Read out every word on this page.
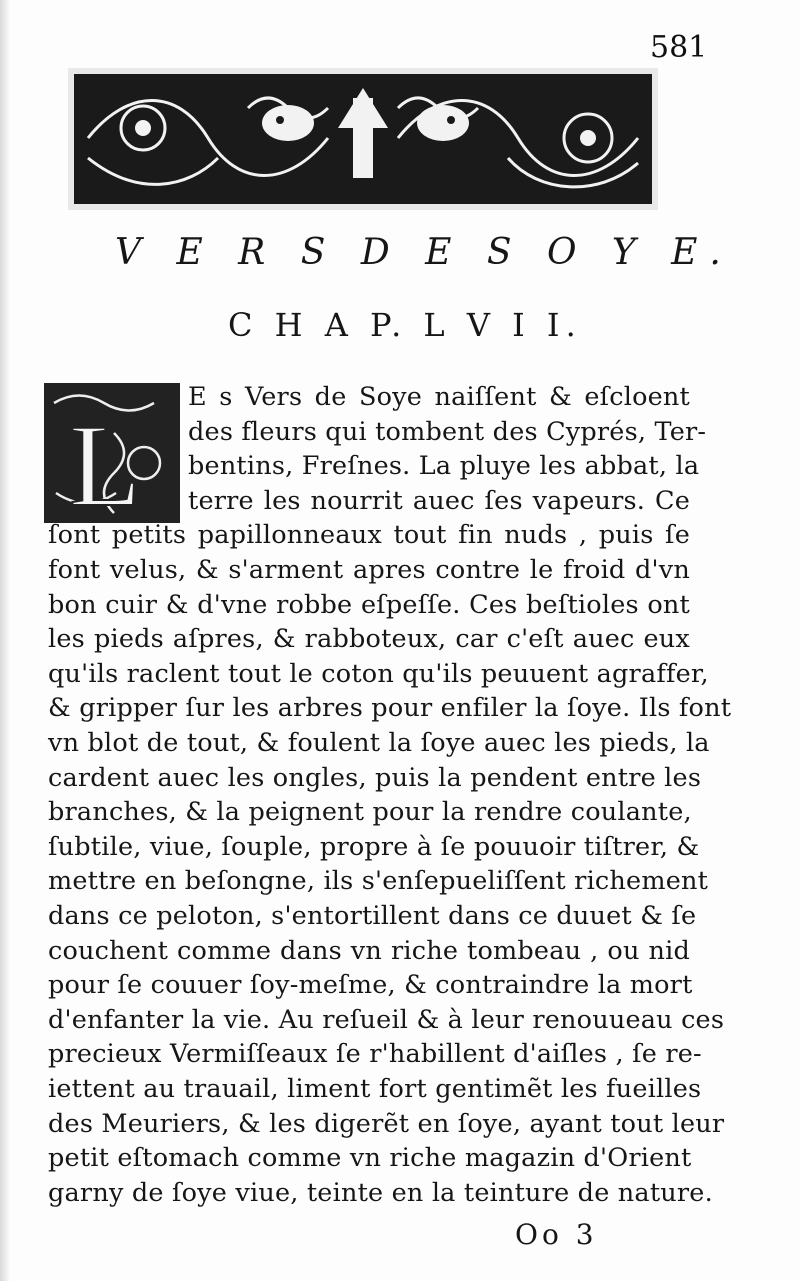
581
V E R S D E S O Y E.
C H A P. L V I I.
L
E s Vers de Soye naiſſent & eſcloent
des fleurs qui tombent des Cyprés, Ter-
bentins, Freſnes. La pluye les abbat, la
terre les nourrit auec ſes vapeurs. Ce
ſont petits papillonneaux tout fin nuds , puis ſe
font velus, & s'arment apres contre le froid d'vn
bon cuir & d'vne robbe eſpeſſe. Ces beſtioles ont
les pieds aſpres, & rabboteux, car c'eſt auec eux
qu'ils raclent tout le coton qu'ils peuuent agraffer,
& gripper ſur les arbres pour enfiler la ſoye. Ils font
vn blot de tout, & foulent la ſoye auec les pieds, la
cardent auec les ongles, puis la pendent entre les
branches, & la peignent pour la rendre coulante,
ſubtile, viue, ſouple, propre à ſe pouuoir tiſtrer, &
mettre en beſongne, ils s'enſepueliſſent richement
dans ce peloton, s'entortillent dans ce duuet & ſe
couchent comme dans vn riche tombeau , ou nid
pour ſe couuer ſoy-meſme, & contraindre la mort
d'enfanter la vie. Au reſueil & à leur renouueau ces
precieux Vermiſſeaux ſe r'habillent d'aiſles , ſe re-
iettent au trauail, liment fort gentimẽt les fueilles
des Meuriers, & les digerẽt en ſoye, ayant tout leur
petit eſtomach comme vn riche magazin d'Orient
garny de ſoye viue, teinte en la teinture de nature.
Oo 3
